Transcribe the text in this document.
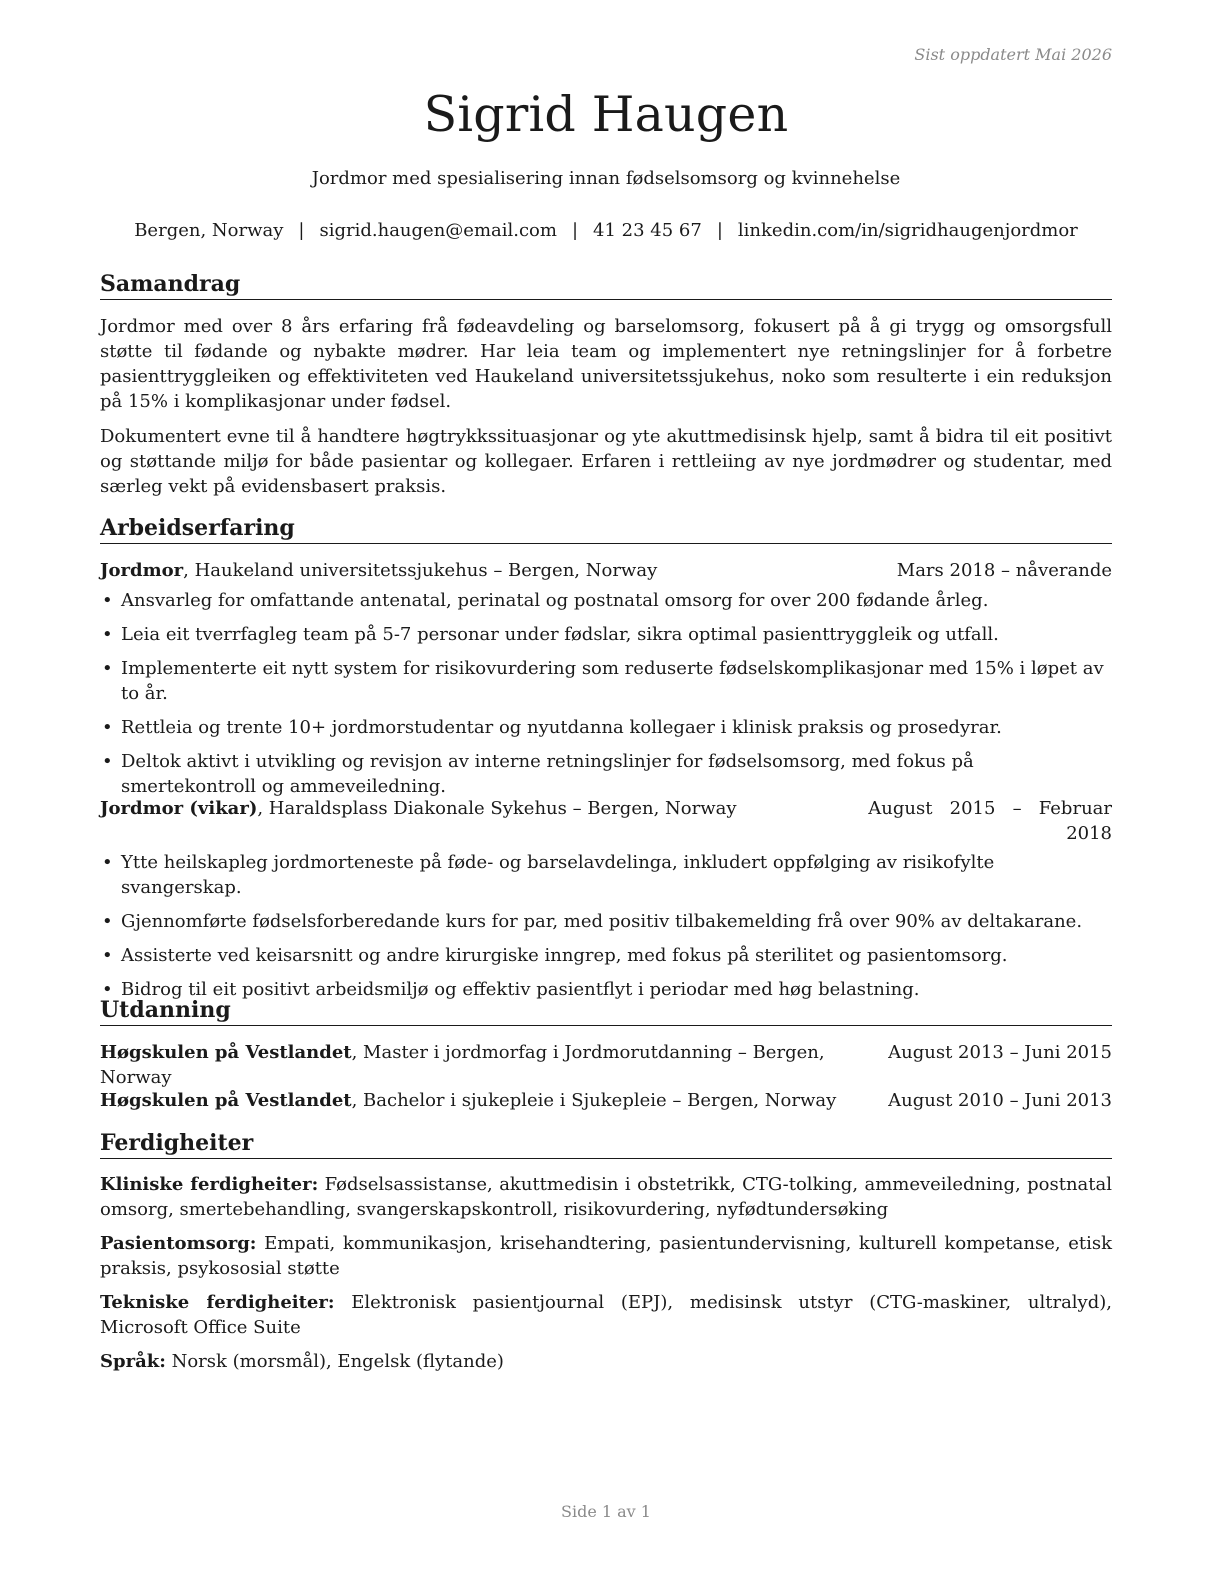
Sist oppdatert Mai 2026
Sigrid Haugen
Jordmor med spesialisering innan fødselsomsorg og kvinnehelse
Bergen, Norway | sigrid.haugen@email.com | 41 23 45 67 | linkedin.com/in/sigridhaugenjordmor
Samandrag

Jordmor med over 8 års erfaring frå fødeavdeling og barselomsorg, fokusert på å gi trygg og omsorgsfull støtte til fødande og nybakte mødrer. Har leia team og implementert nye retningslinjer for å forbetre pasienttryggleiken og effektiviteten ved Haukeland universitetssjukehus, noko som resulterte i ein reduksjon på 15% i komplikasjonar under fødsel.

Dokumentert evne til å handtere høgtrykkssituasjonar og yte akuttmedisinsk hjelp, samt å bidra til eit positivt og støttande miljø for både pasientar og kollegaer. Erfaren i rettleiing av nye jordmødrer og studentar, med særleg vekt på evidensbasert praksis.

Arbeidserfaring
Jordmor, Haukeland universitetssjukehus – Bergen, Norway	Mars 2018 – nåverande
• Ansvarleg for omfattande antenatal, perinatal og postnatal omsorg for over 200 fødande årleg.
• Leia eit tverrfagleg team på 5-7 personar under fødslar, sikra optimal pasienttryggleik og utfall.
• Implementerte eit nytt system for risikovurdering som reduserte fødselskomplikasjonar med 15% i løpet av to år.
• Rettleia og trente 10+ jordmorstudentar og nyutdanna kollegaer i klinisk praksis og prosedyrar.
• Deltok aktivt i utvikling og revisjon av interne retningslinjer for fødselsomsorg, med fokus på smertekontroll og ammeveiledning.
Jordmor (vikar), Haraldsplass Diakonale Sykehus – Bergen, Norway	August   2015   –   Februar
2018
• Ytte heilskapleg jordmorteneste på føde- og barselavdelinga, inkludert oppfølging av risikofylte svangerskap.
• Gjennomførte fødselsforberedande kurs for par, med positiv tilbakemelding frå over 90% av deltakarane.
• Assisterte ved keisarsnitt og andre kirurgiske inngrep, med fokus på sterilitet og pasientomsorg.
• Bidrog til eit positivt arbeidsmiljø og effektiv pasientflyt i periodar med høg belastning.
Utdanning
Høgskulen på Vestlandet, Master i jordmorfag i Jordmorutdanning – Bergen, Norway
August 2013 – Juni 2015
Høgskulen på Vestlandet, Bachelor i sjukepleie i Sjukepleie – Bergen, Norway	August 2010 – Juni 2013
Ferdigheiter

Kliniske ferdigheiter: Fødselsassistanse, akuttmedisin i obstetrikk, CTG-tolking, ammeveiledning, postnatal omsorg, smertebehandling, svangerskapskontroll, risikovurdering, nyfødtundersøking

Pasientomsorg: Empati, kommunikasjon, krisehandtering, pasientundervisning, kulturell kompetanse, etisk praksis, psykososial støtte

Tekniske ferdigheiter: Elektronisk pasientjournal (EPJ), medisinsk utstyr (CTG-maskiner, ultralyd), Microsoft Office Suite

Språk: Norsk (morsmål), Engelsk (flytande)

Side 1 av 1
